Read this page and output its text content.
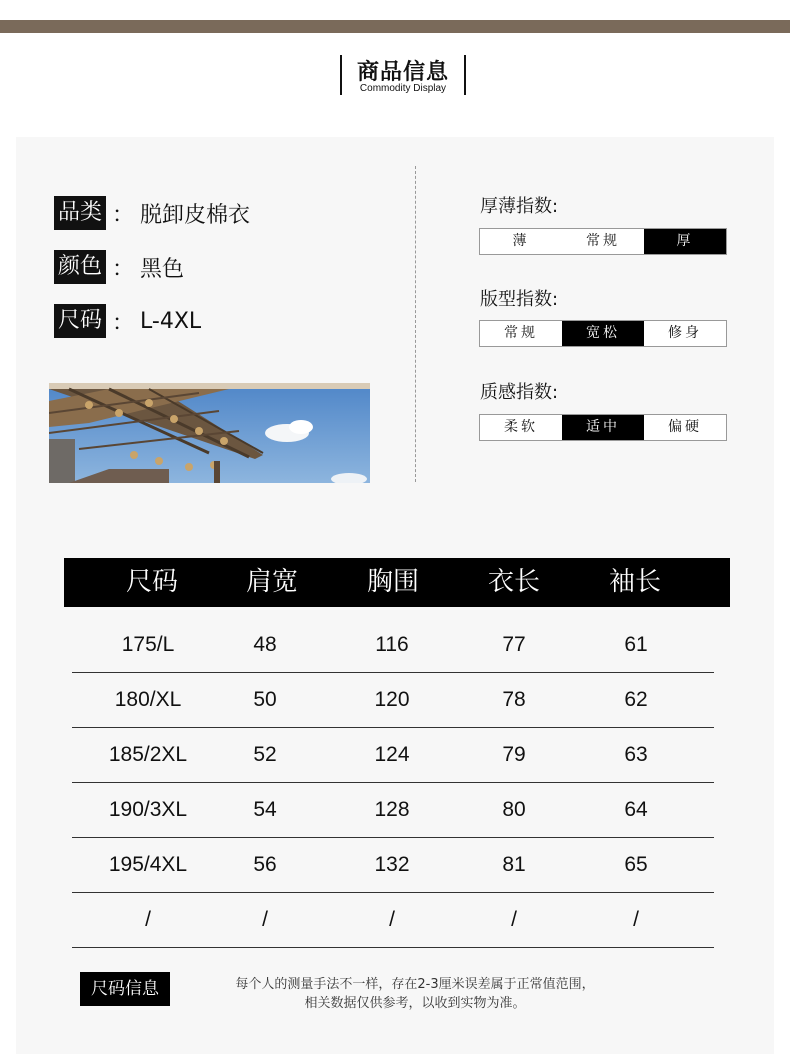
商品信息
Commodity Display
品类 ： 脱卸皮棉衣
颜色 ： 黑色
尺码 ： L-4XL
厚薄指数:
薄	常规	厚
版型指数:
常规	宽松	修身
质感指数:
柔软	适中	偏硬
尺码	肩宽	胸围	衣长	袖长
175/L	48	116	77	61
180/XL	50	120	78	62
185/2XL	52	124	79	63
190/3XL	54	128	80	64
195/4XL	56	132	81	65
/	/	/	/	/
尺码信息	每个人的测量手法不一样，存在2-3厘米误差属于正常值范围，
相关数据仅供参考，以收到实物为准。
